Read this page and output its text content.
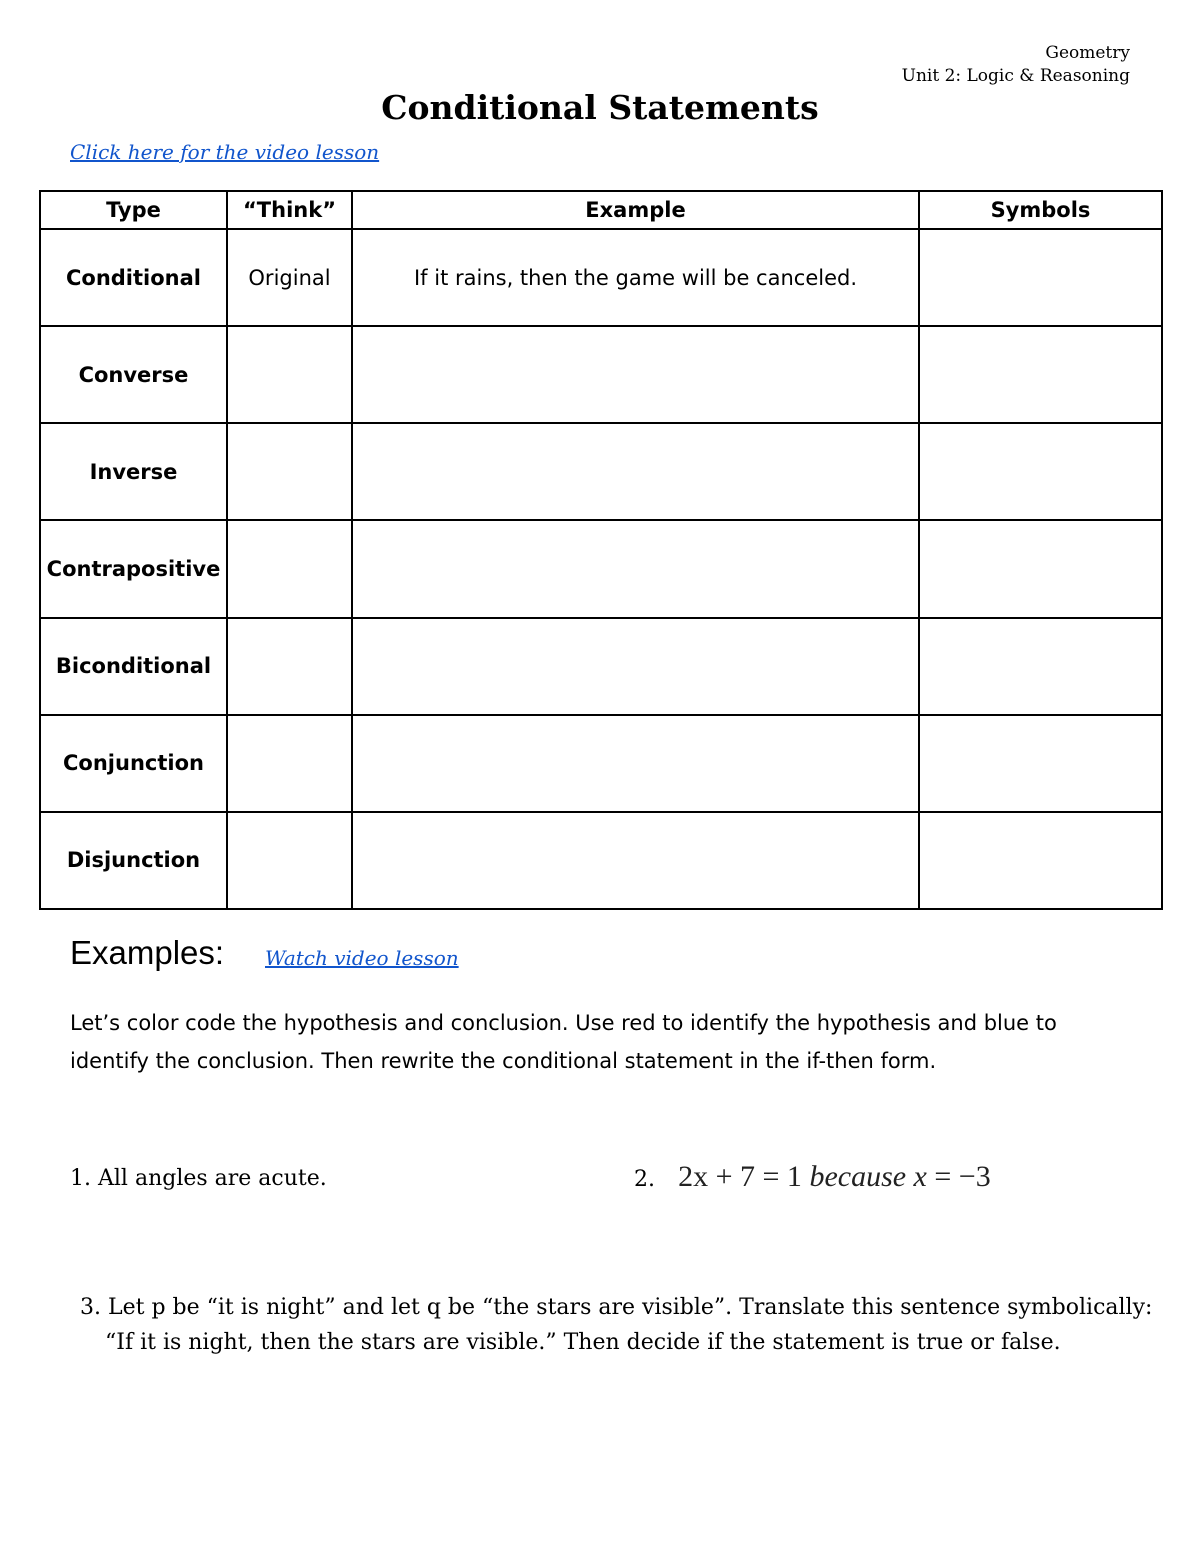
Geometry
Unit 2: Logic & Reasoning
Conditional Statements
Click here for the video lesson
Type	“Think”	Example	Symbols
Conditional	Original	If it rains, then the game will be canceled.	
Converse			
Inverse			
Contrapositive			
Biconditional			
Conjunction			
Disjunction			
Examples: Watch video lesson
Let’s color code the hypothesis and conclusion. Use red to identify the hypothesis and blue to identify the conclusion. Then rewrite the conditional statement in the if-then form.
1. All angles are acute.	2. 2x + 7 = 1 because x = −3
3. Let p be “it is night” and let q be “the stars are visible”. Translate this sentence symbolically:
“If it is night, then the stars are visible.” Then decide if the statement is true or false.
